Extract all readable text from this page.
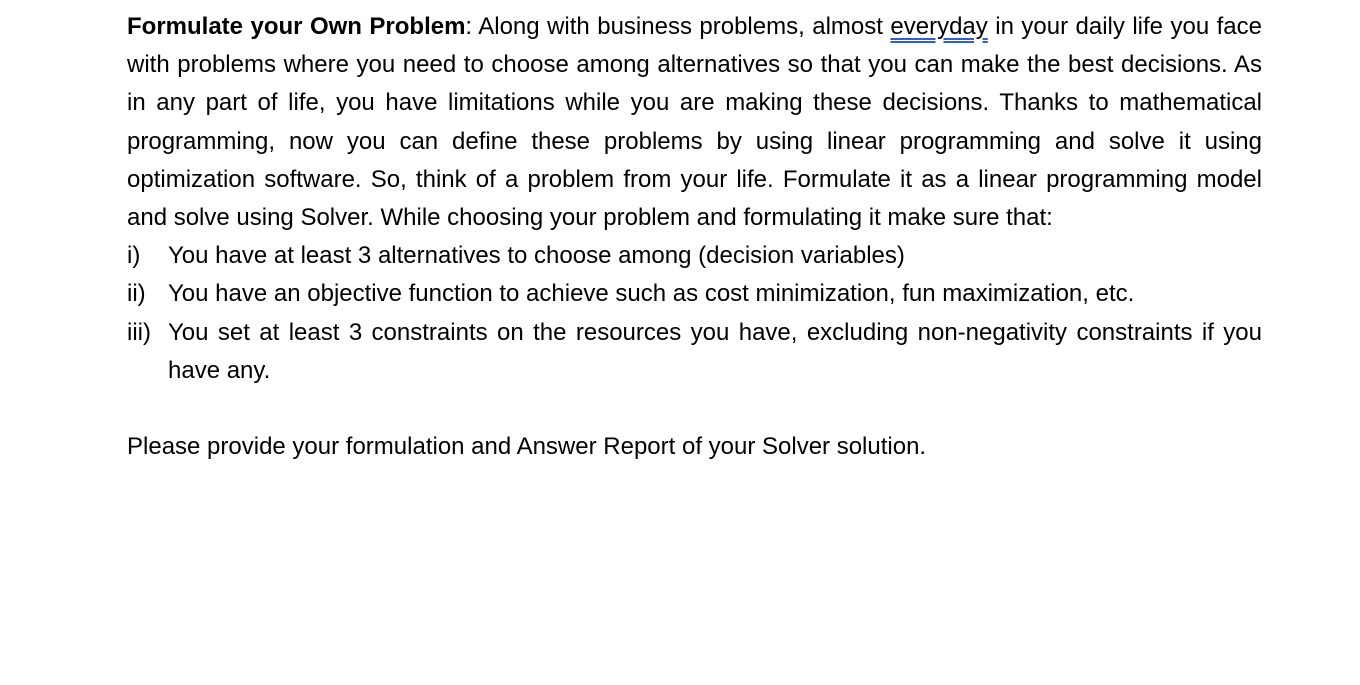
Formulate your Own Problem: Along with business problems, almost everyday in your daily life you face with problems where you need to choose among alternatives so that you can make the best decisions. As in any part of life, you have limitations while you are making these decisions. Thanks to mathematical programming, now you can define these problems by using linear programming and solve it using optimization software. So, think of a problem from your life. Formulate it as a linear programming model and solve using Solver. While choosing your problem and formulating it make sure that:

i)	You have at least 3 alternatives to choose among (decision variables)
ii) You have an objective function to achieve such as cost minimization, fun maximization, etc.
iii) You set at least 3 constraints on the resources you have, excluding non-negativity constraints if you have any.

Please provide your formulation and Answer Report of your Solver solution.
